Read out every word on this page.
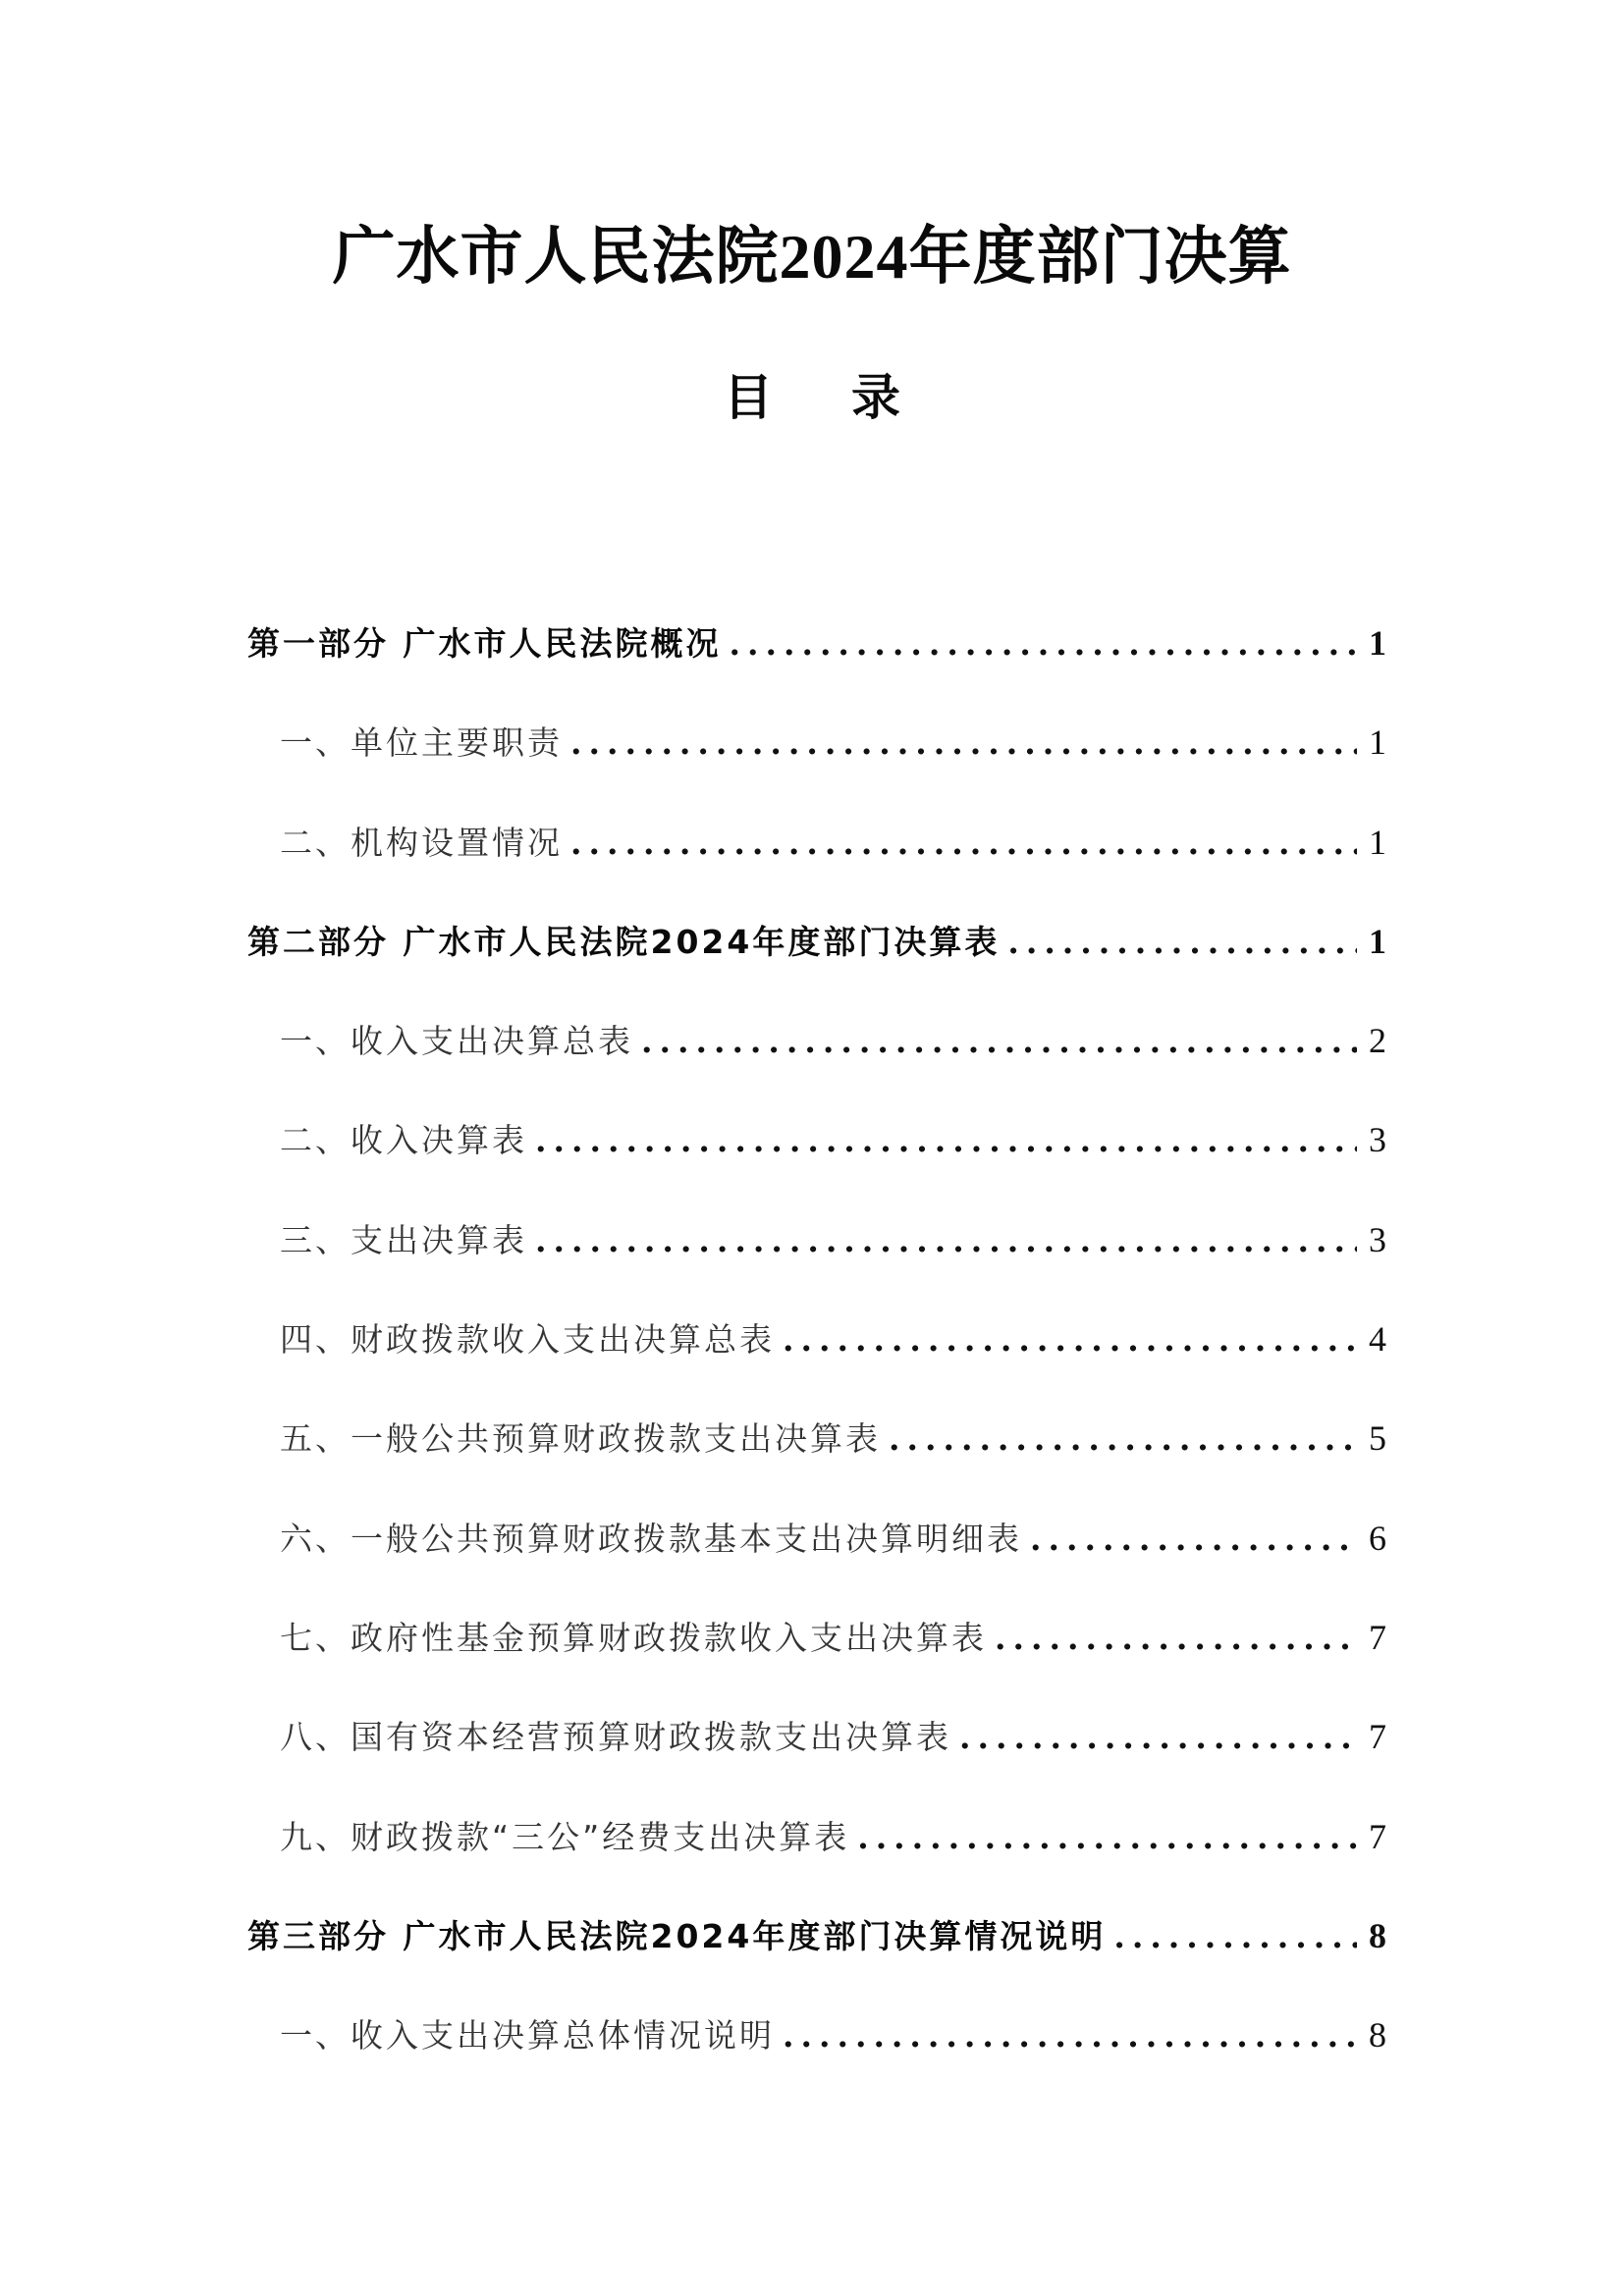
广水市人民法院2024年度部门决算
目 录
第一部分 广水市人民法院概况 .....	1
一、单位主要职责 .....	1
二、机构设置情况 .....	1
第二部分 广水市人民法院2024年度部门决算表 .....	1
一、收入支出决算总表 .....	2
二、收入决算表 .....	3
三、支出决算表 .....	3
四、财政拨款收入支出决算总表 .....	4
五、一般公共预算财政拨款支出决算表 .....	5
六、一般公共预算财政拨款基本支出决算明细表 .....	6
七、政府性基金预算财政拨款收入支出决算表 .....	7
八、国有资本经营预算财政拨款支出决算表 .....	7
九、财政拨款“三公”经费支出决算表 .....	7
第三部分 广水市人民法院2024年度部门决算情况说明 .....	8
一、收入支出决算总体情况说明 .....	8
